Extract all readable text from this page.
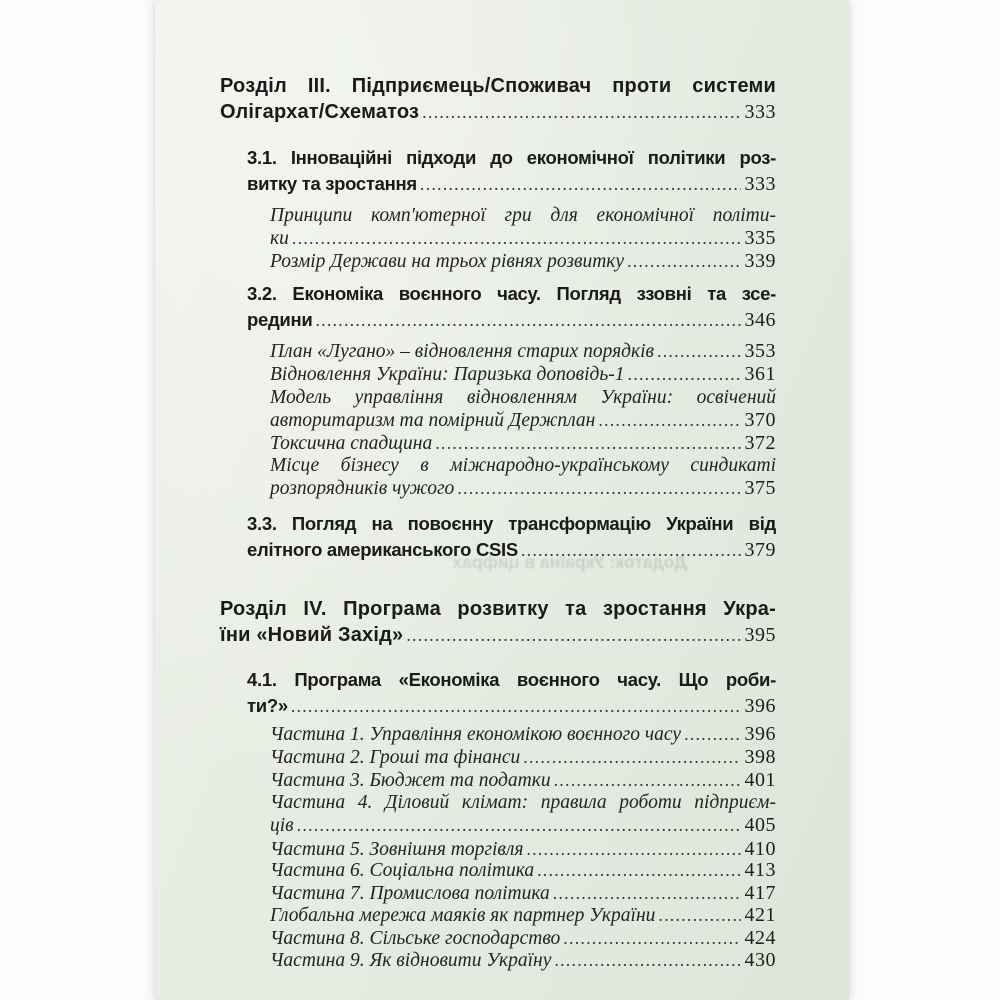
Додаток: Україна в цифрах
Розділ III. Підприємець/Споживач проти системи
Олігархат/Схематоз .....	333
3.1. Інноваційні підходи до економічної політики роз-
витку та зростання .....	333
Принципи комп'ютерної гри для економічної політи-
ки .....	335
Розмір Держави на трьох рівнях розвитку .....	339
3.2. Економіка воєнного часу. Погляд ззовні та зсе-
редини .....	346
План «Лугано» – відновлення старих порядків .....	353
Відновлення України: Паризька доповідь-1 .....	361
Модель управління відновленням України: освічений
авторитаризм та помірний Держплан .....	370
Токсична спадщина .....	372
Місце бізнесу в міжнародно-українському синдикаті
розпорядників чужого .....	375
3.3. Погляд на повоєнну трансформацію України від
елітного американського CSIS .....	379
Розділ IV. Програма розвитку та зростання Укра-
їни «Новий Захід» .....	395
4.1. Програма «Економіка воєнного часу. Що роби-
ти?» .....	396
Частина 1. Управління економікою воєнного часу .....	396
Частина 2. Гроші та фінанси .....	398
Частина 3. Бюджет та податки .....	401
Частина 4. Діловий клімат: правила роботи підприєм-
ців .....	405
Частина 5. Зовнішня торгівля .....	410
Частина 6. Соціальна політика .....	413
Частина 7. Промислова політика .....	417
Глобальна мережа маяків як партнер України .....	421
Частина 8. Сільське господарство .....	424
Частина 9. Як відновити Україну .....	430
